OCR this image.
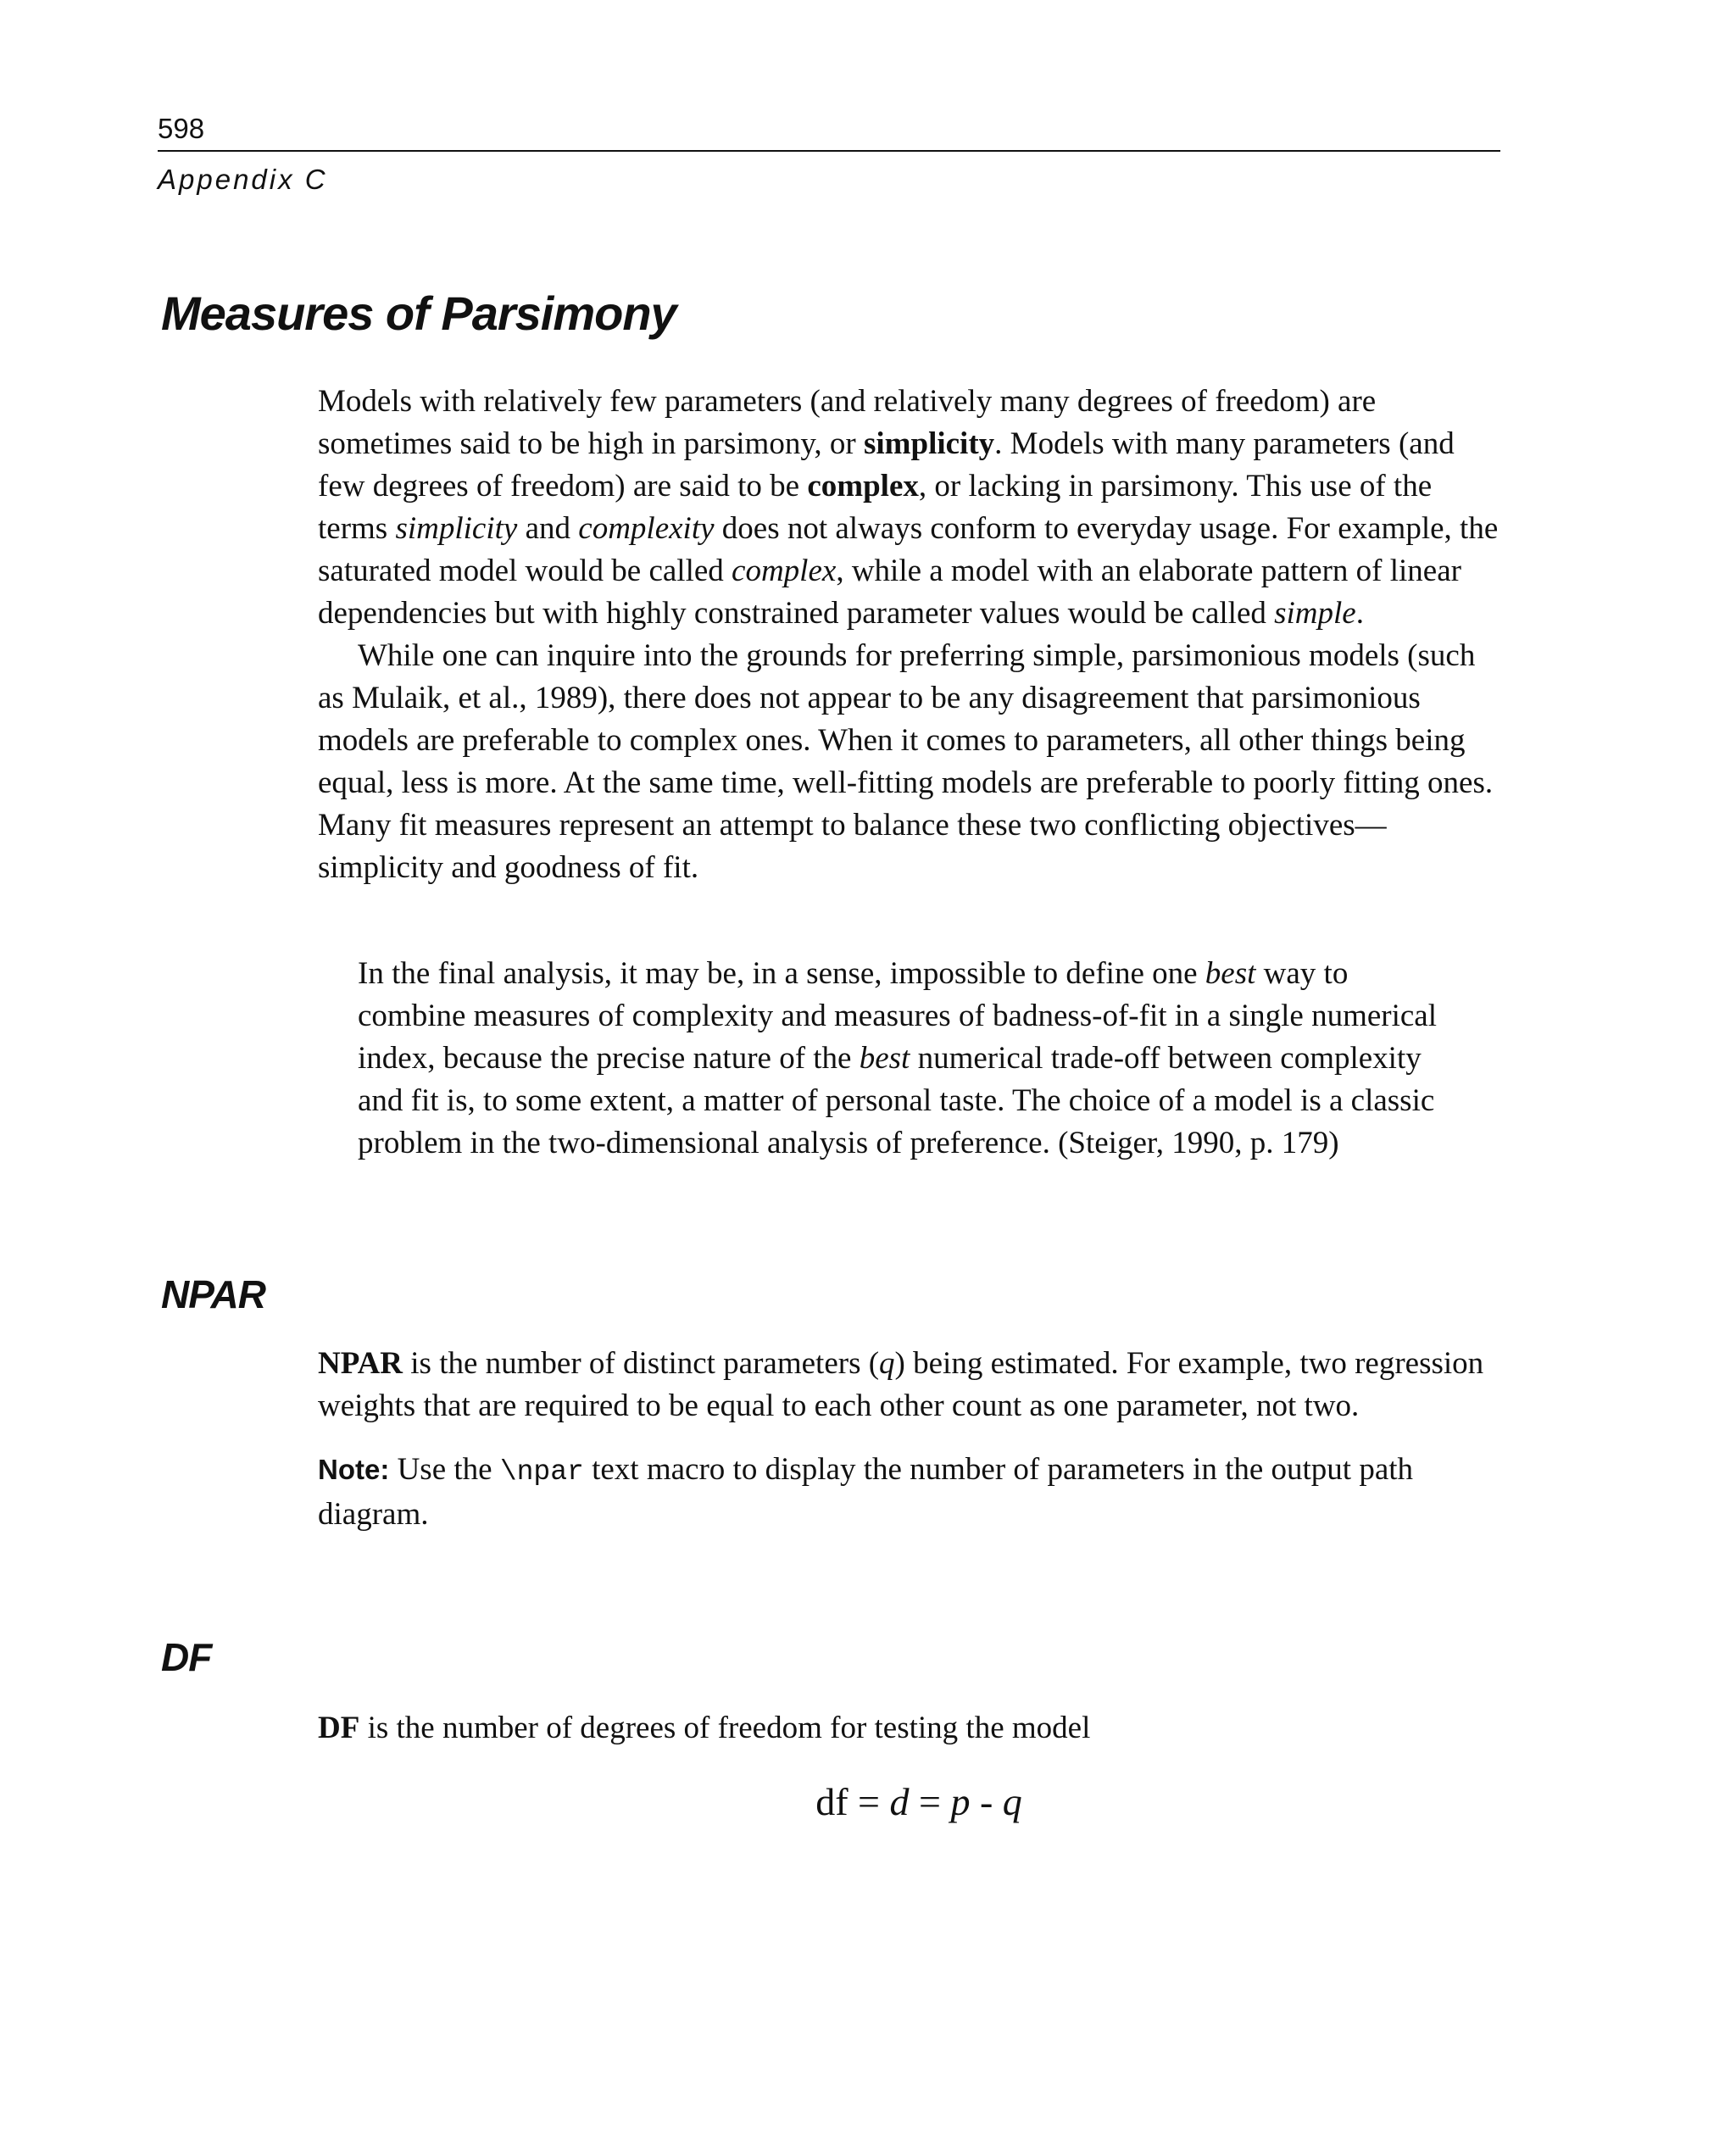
598
Appendix C
Measures of Parsimony

Models with relatively few parameters (and relatively many degrees of freedom) are sometimes said to be high in parsimony, or simplicity. Models with many parameters (and few degrees of freedom) are said to be complex, or lacking in parsimony. This use of the terms simplicity and complexity does not always conform to everyday usage. For example, the saturated model would be called complex, while a model with an elaborate pattern of linear dependencies but with highly constrained parameter values would be called simple.

While one can inquire into the grounds for preferring simple, parsimonious models (such as Mulaik, et al., 1989), there does not appear to be any disagreement that parsimonious models are preferable to complex ones. When it comes to parameters, all other things being equal, less is more. At the same time, well-fitting models are preferable to poorly fitting ones. Many fit measures represent an attempt to balance these two conflicting objectives—simplicity and goodness of fit.

In the final analysis, it may be, in a sense, impossible to define one best way to combine measures of complexity and measures of badness-of-fit in a single numerical index, because the precise nature of the best numerical trade-off between complexity and fit is, to some extent, a matter of personal taste. The choice of a model is a classic problem in the two-dimensional analysis of preference. (Steiger, 1990, p. 179)
NPAR

NPAR is the number of distinct parameters (q) being estimated. For example, two regression weights that are required to be equal to each other count as one parameter, not two.

Note: Use the \npar text macro to display the number of parameters in the output path diagram.

DF

DF is the number of degrees of freedom for testing the model

df = d = p - q
